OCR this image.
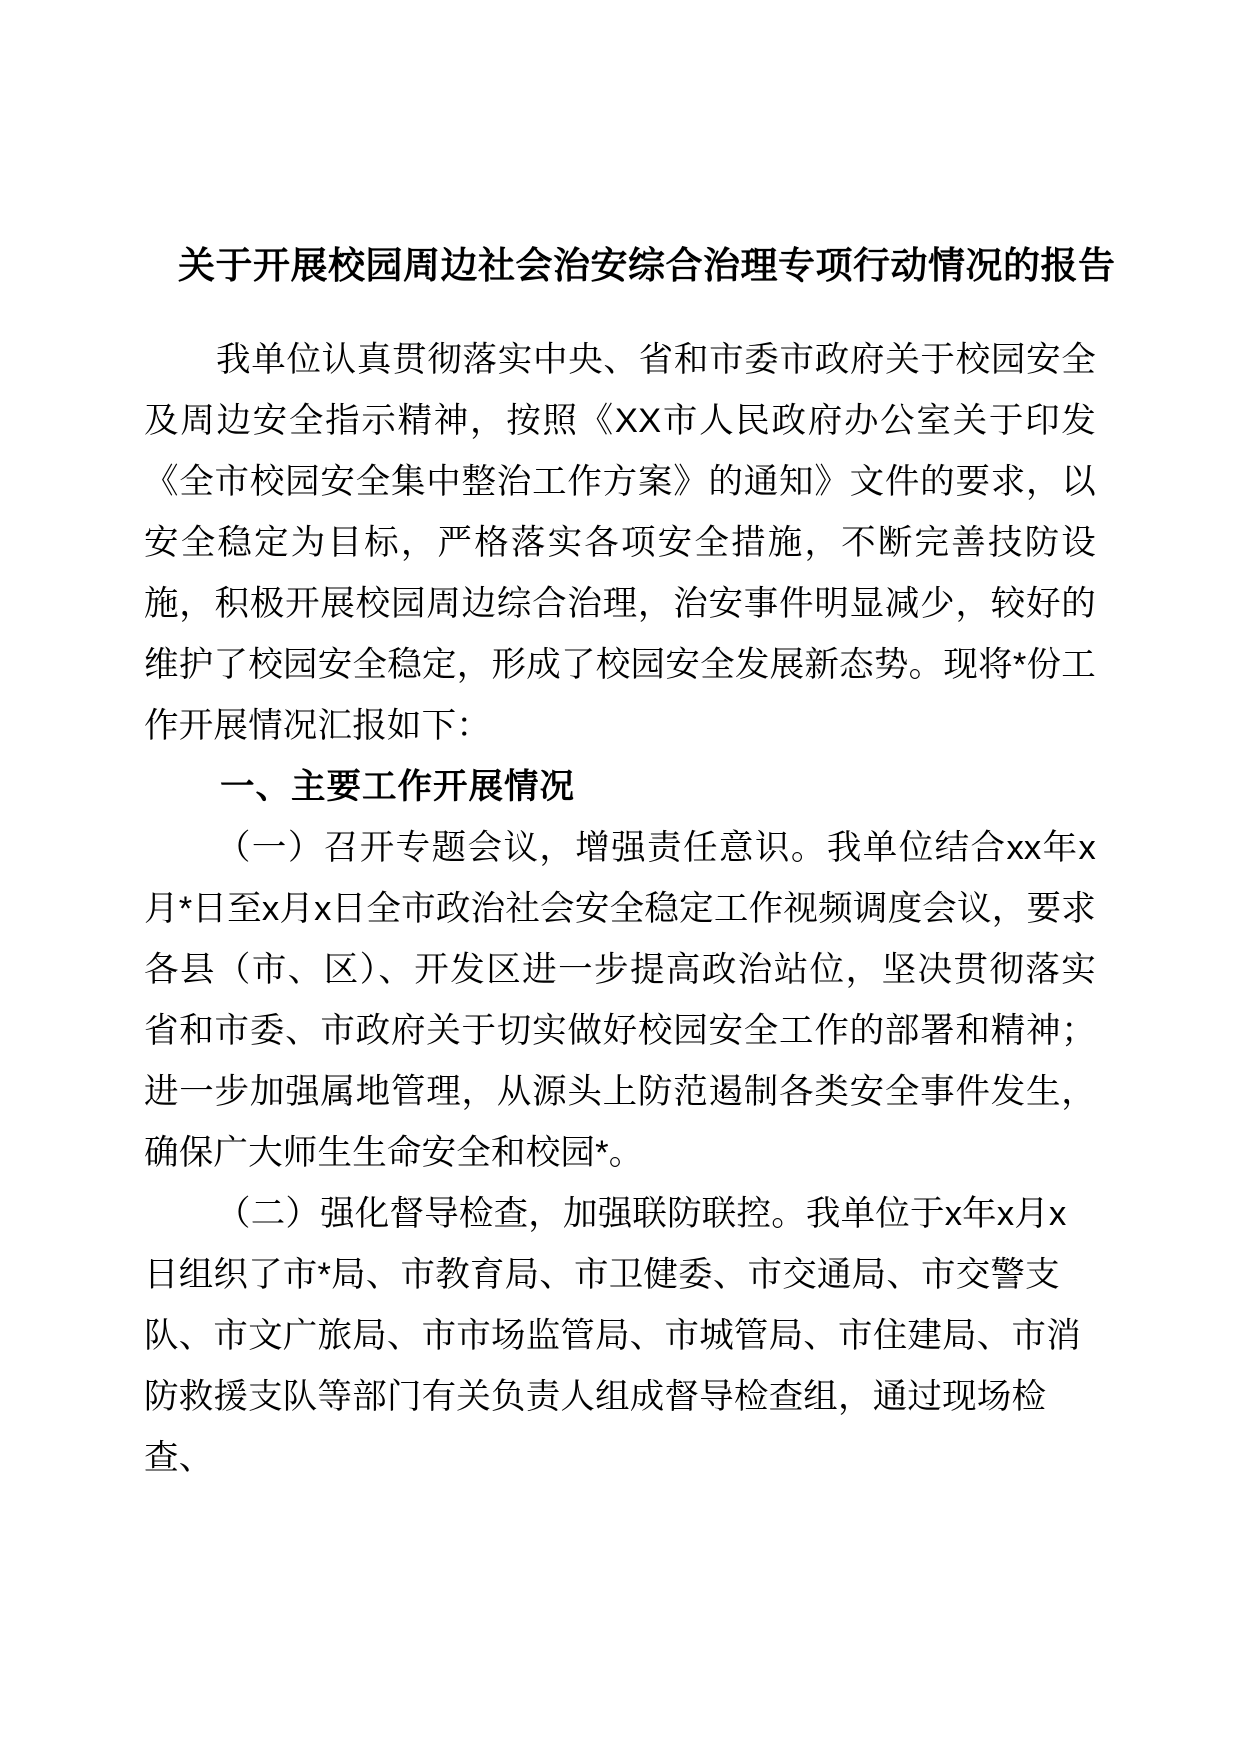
关于开展校园周边社会治安综合治理专项行动情况的报告

我单位认真贯彻落实中央、省和市委市政府关于校园安全及周边安全指示精神，按照《XX市人民政府办公室关于印发《全市校园安全集中整治工作方案》的通知》文件的要求，以安全稳定为目标，严格落实各项安全措施，不断完善技防设施，积极开展校园周边综合治理，治安事件明显减少，较好的维护了校园安全稳定，形成了校园安全发展新态势。现将*份工作开展情况汇报如下：

一、主要工作开展情况

（一）召开专题会议，增强责任意识。我单位结合xx年x月*日至x月x日全市政治社会安全稳定工作视频调度会议，要求各县（市、区）、开发区进一步提高政治站位，坚决贯彻落实省和市委、市政府关于切实做好校园安全工作的部署和精神；进一步加强属地管理，从源头上防范遏制各类安全事件发生，确保广大师生生命安全和校园*。

（二）强化督导检查，加强联防联控。我单位于x年x月x日组织了市*局、市教育局、市卫健委、市交通局、市交警支队、市文广旅局、市市场监管局、市城管局、市住建局、市消防救援支队等部门有关负责人组成督导检查组，通过现场检查、
